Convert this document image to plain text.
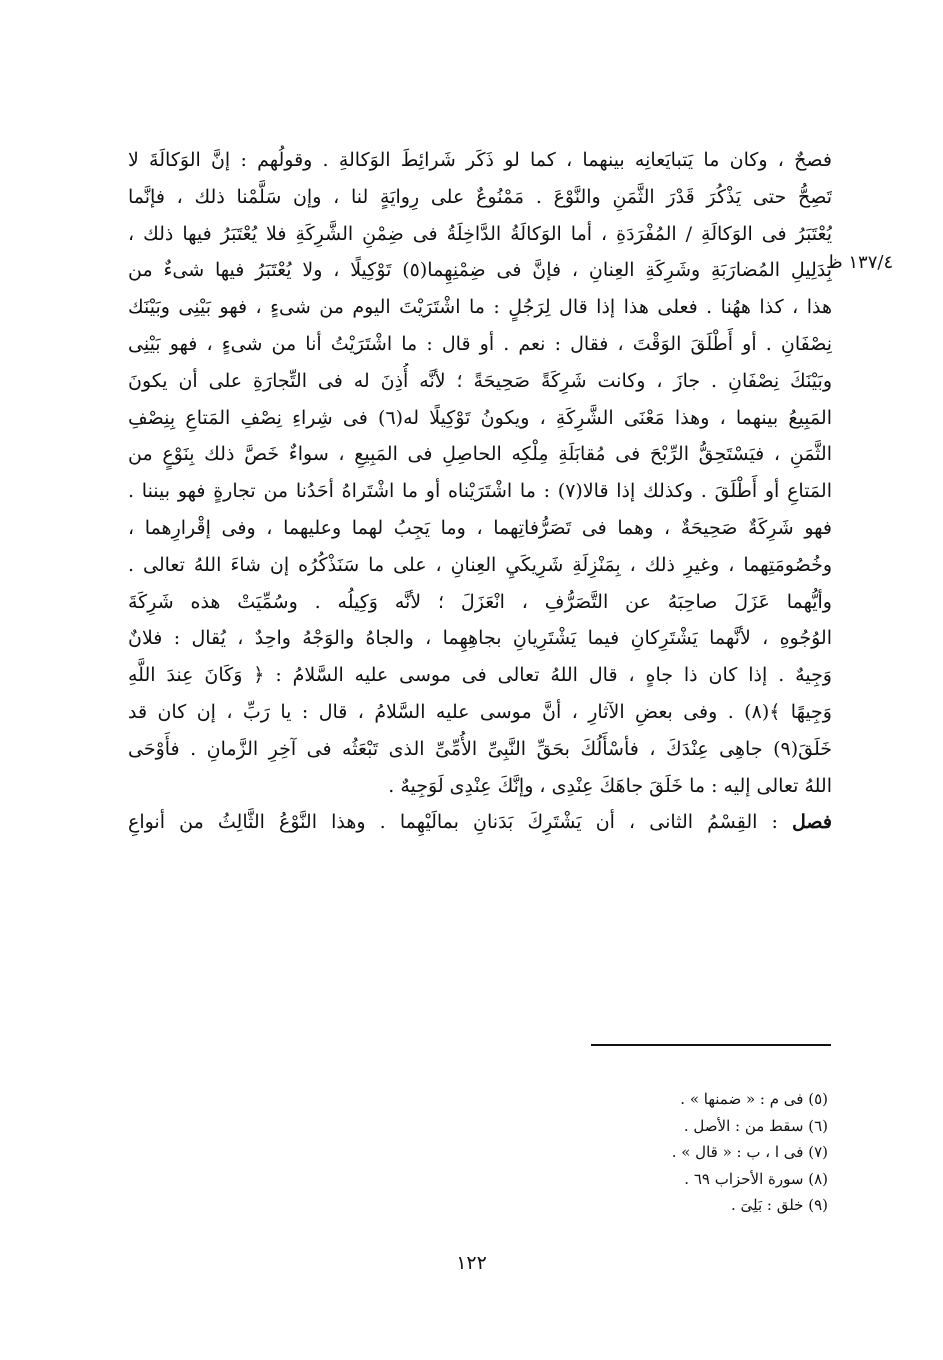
١٣٧/٤ ظ
فصحٌ ، وكان ما يَتبايَعانِه بينهما ، كما لو ذَكَر شَرائِطَ الوَكالةِ . وقولُهم : إنَّ الوَكالَةَ لا
تَصِحُّ حتى يَذْكُرَ قَدْرَ الثَّمَنِ والنَّوْعَ . مَمْنُوعٌ على رِوايَةٍ لنا ، وإن سَلَّمْنا ذلك ، فإنَّما
يُعْتَبَرُ فى الوَكالَةِ / المُفْرَدَةِ ، أما الوَكالَةُ الدَّاخِلَةُ فى ضِمْنِ الشَّرِكَةِ فلا يُعْتَبَرُ فيها ذلك ،
بِدَلِيلِ المُضارَبَةِ وشَرِكَةِ العِنانِ ، فإنَّ فى ضِمْنِهِما(٥) تَوْكِيلًا ، ولا يُعْتَبَرُ فيها شىءٌ من
هذا ، كذا ههُنا . فعلى هذا إذا قال لِرَجُلٍ : ما اشْتَرَيْتَ اليوم من شىءٍ ، فهو بَيْنِى وبَيْنَك
نِصْفَانِ . أو أَطْلَقَ الوَقْتَ ، فقال : نعم . أو قال : ما اشْتَرَيْتُ أنا من شىءٍ ، فهو بَيْنِى
وبَيْنَكَ نِصْفَانِ . جازَ ، وكانت شَرِكَةً صَحِيحَةً ؛ لأنَّه أُذِنَ له فى التِّجارَةِ على أن يكونَ
المَبِيعُ بينهما ، وهذا مَعْنَى الشَّرِكَةِ ، ويكونُ تَوْكِيلًا له(٦) فى شِراءِ نِصْفِ المَتاعِ بِنِصْفِ
الثَّمَنِ ، فيَسْتَحِقُّ الرِّبْحَ فى مُقابَلَةِ مِلْكِه الحاصِلِ فى المَبِيعِ ، سواءٌ خَصَّ ذلك بِنَوْعٍ من
المَتاعِ أو أَطْلَقَ . وكذلك إذا قالا(٧) : ما اشْتَرَيْناه أو ما اشْتَراهُ أحَدُنا من تجارةٍ فهو بيننا .
فهو شَرِكَةٌ صَحِيحَةٌ ، وهما فى تَصَرُّفاتِهما ، وما يَجِبُ لهما وعليهما ، وفى إقْرارِهما ،
وخُصُومَتِهما ، وغيرِ ذلك ، بِمَنْزِلَةِ شَرِيكَيِ العِنانِ ، على ما سَنَذْكُرُه إن شاءَ اللهُ تعالى .
وأيُّهما عَزَلَ صاحِبَهُ عن التَّصَرُّفِ ، انْعَزَلَ ؛ لأنَّه وَكِيلُه . وسُمِّيَتْ هذه شَرِكَةَ
الوُجُوهِ ، لأنَّهما يَشْتَرِكانِ فيما يَشْتَرِيانِ بجاهِهِما ، والجاهُ والوَجْهُ واحِدٌ ، يُقال : فلانٌ
وَجِيهٌ . إذا كان ذا جاهٍ ، قال اللهُ تعالى فى موسى عليه السَّلامُ : ﴿ وَكَانَ عِندَ اللَّهِ
وَجِيهًا ﴾(٨) . وفى بعضِ الآثارِ ، أنَّ موسى عليه السَّلامُ ، قال : يا رَبِّ ، إن كان قد
خَلَقَ(٩) جاهِى عِنْدَكَ ، فأسْأَلُكَ بحَقِّ النَّبِىِّ الأُمِّىِّ الذى تَبْعَثُه فى آخِرِ الزَّمانِ . فأَوْحَى
اللهُ تعالى إليه : ما خَلَقَ جاهَكَ عِنْدِى ، وإنَّكَ عِنْدِى لَوَجِيهٌ .
فصل : القِسْمُ الثانى ، أن يَشْتَرِكَ بَدَنانِ بمالَيْهِما . وهذا النَّوْعُ الثَّالِثُ من أنواعِ
(٥) فى م : « ضمنها » .
(٦) سقط من : الأصل .
(٧) فى ا ، ب : « قال » .
(٨) سورة الأحزاب ٦٩ .
(٩) خلق : بَلِىَ .
١٢٢
